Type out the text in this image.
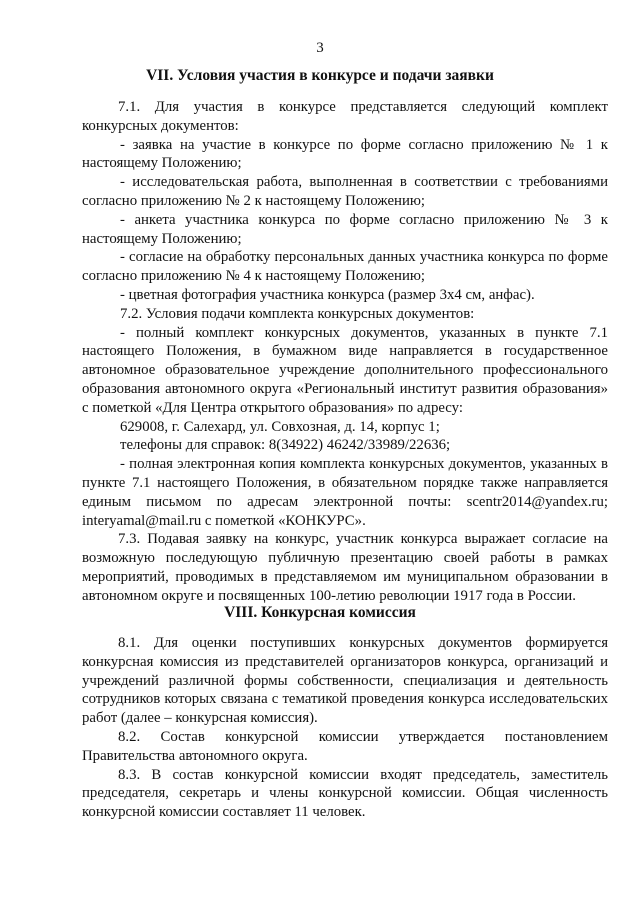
3
VII. Условия участия в конкурсе и подачи заявки

7.1. Для участия в конкурсе представляется следующий комплект конкурсных документов:

- заявка на участие в конкурсе по форме согласно приложению № 1 к настоящему Положению;

- исследовательская работа, выполненная в соответствии с требованиями согласно приложению № 2 к настоящему Положению;

- анкета участника конкурса по форме согласно приложению № 3 к настоящему Положению;

- согласие на обработку персональных данных участника конкурса по форме согласно приложению № 4 к настоящему Положению;

- цветная фотография участника конкурса (размер 3х4 см, анфас).

7.2. Условия подачи комплекта конкурсных документов:

- полный комплект конкурсных документов, указанных в пункте 7.1 настоящего Положения, в бумажном виде направляется в государственное автономное образовательное учреждение дополнительного профессионального образования автономного округа «Региональный институт развития образования» с пометкой «Для Центра открытого образования» по адресу:

629008, г. Салехард, ул. Совхозная, д. 14, корпус 1;

телефоны для справок: 8(34922) 46242/33989/22636;

- полная электронная копия комплекта конкурсных документов, указанных в пункте 7.1 настоящего Положения, в обязательном порядке также направляется единым письмом по адресам электронной почты: scentr2014@yandex.ru; interyamal@mail.ru с пометкой «КОНКУРС».

7.3. Подавая заявку на конкурс, участник конкурса выражает согласие на возможную последующую публичную презентацию своей работы в рамках мероприятий, проводимых в представляемом им муниципальном образовании в автономном округе и посвященных 100-летию революции 1917 года в России.

VIII. Конкурсная комиссия

8.1. Для оценки поступивших конкурсных документов формируется конкурсная комиссия из представителей организаторов конкурса, организаций и учреждений различной формы собственности, специализация и деятельность сотрудников которых связана с тематикой проведения конкурса исследовательских работ (далее – конкурсная комиссия).

8.2. Состав конкурсной комиссии утверждается постановлением Правительства автономного округа.

8.3. В состав конкурсной комиссии входят председатель, заместитель председателя, секретарь и члены конкурсной комиссии. Общая численность конкурсной комиссии составляет 11 человек.
